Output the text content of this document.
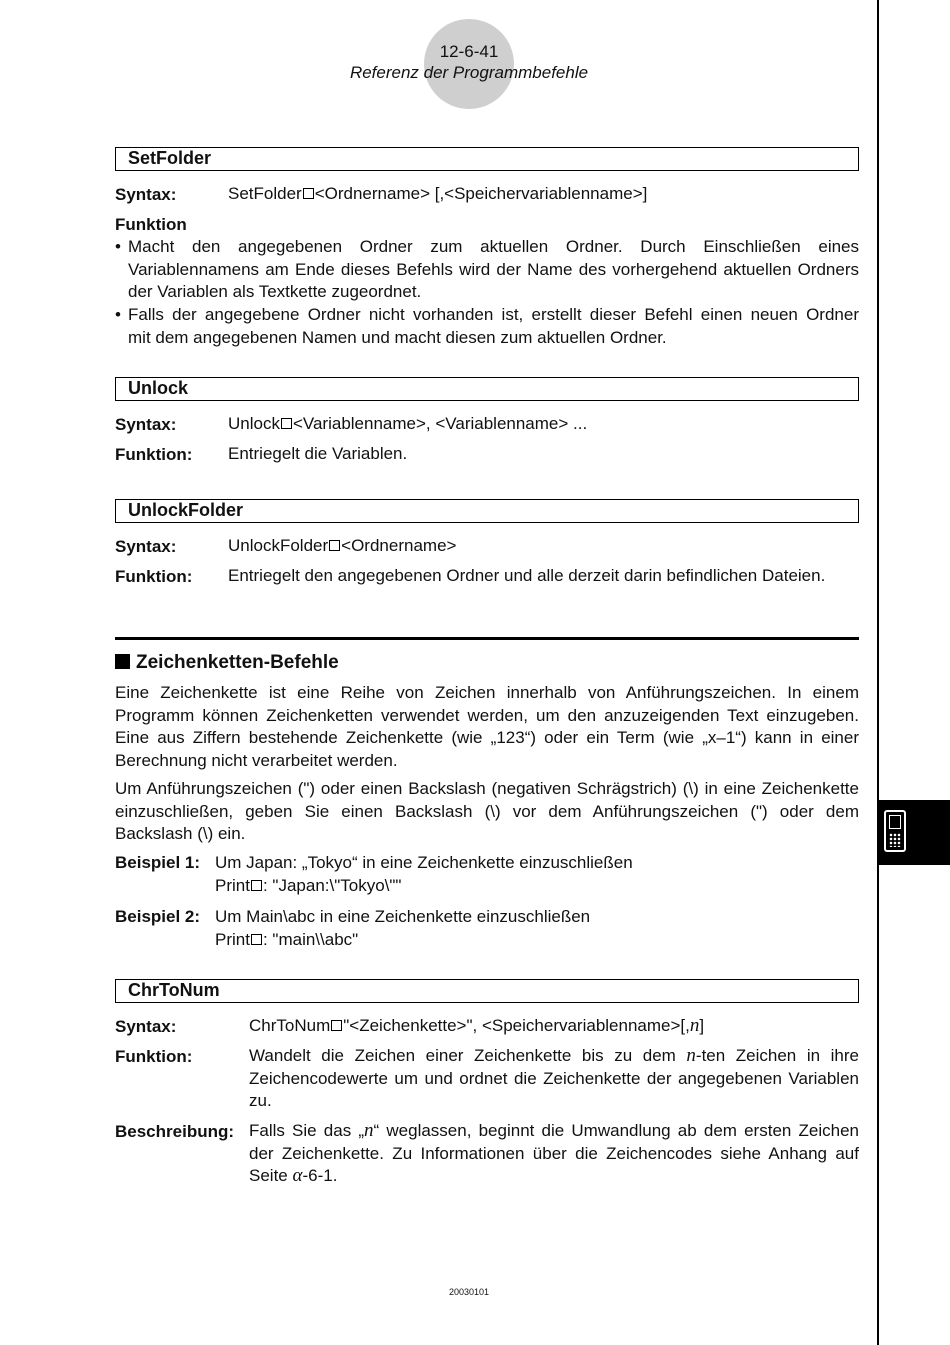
12-6-41
Referenz der Programmbefehle
SetFolder
Syntax:	SetFolder <Ordnername> [,<Speichervariablenname>]
Funktion
• Macht den angegebenen Ordner zum aktuellen Ordner. Durch Einschließen eines
Variablennamens am Ende dieses Befehls wird der Name des vorhergehend aktuellen Ordners
der Variablen als Textkette zugeordnet.
• Falls der angegebene Ordner nicht vorhanden ist, erstellt dieser Befehl einen neuen Ordner
mit dem angegebenen Namen und macht diesen zum aktuellen Ordner.
Unlock
Syntax:	Unlock <Variablenname>, <Variablenname> ...
Funktion: Entriegelt die Variablen.
UnlockFolder
Syntax:	UnlockFolder <Ordnername>
Funktion: Entriegelt den angegebenen Ordner und alle derzeit darin befindlichen Dateien.
Zeichenketten-Befehle
Eine Zeichenkette ist eine Reihe von Zeichen innerhalb von Anführungszeichen. In einem
Programm können Zeichenketten verwendet werden, um den anzuzeigenden Text einzugeben.
Eine aus Ziffern bestehende Zeichenkette (wie „123“) oder ein Term (wie „x–1“) kann in einer
Berechnung nicht verarbeitet werden.
Um Anführungszeichen (") oder einen Backslash (negativen Schrägstrich) (\) in eine Zeichenkette
einzuschließen, geben Sie einen Backslash (\) vor dem Anführungszeichen (") oder dem
Backslash (\) ein.
Beispiel 1: Um Japan: „Tokyo“ in eine Zeichenkette einzuschließen
Print : "Japan:\"Tokyo\""
Beispiel 2: Um Main\abc in eine Zeichenkette einzuschließen
Print : "main\\abc"
ChrToNum
Syntax:	ChrToNum "<Zeichenkette>", <Speichervariablenname>[,n]
Funktion:	Wandelt die Zeichen einer Zeichenkette bis zu dem n-ten Zeichen in ihre
Zeichencodewerte um und ordnet die Zeichenkette der angegebenen Variablen
zu.
Beschreibung: Falls Sie das „n“ weglassen, beginnt die Umwandlung ab dem ersten Zeichen
der Zeichenkette. Zu Informationen über die Zeichencodes siehe Anhang auf
Seite α-6-1.
20030101
